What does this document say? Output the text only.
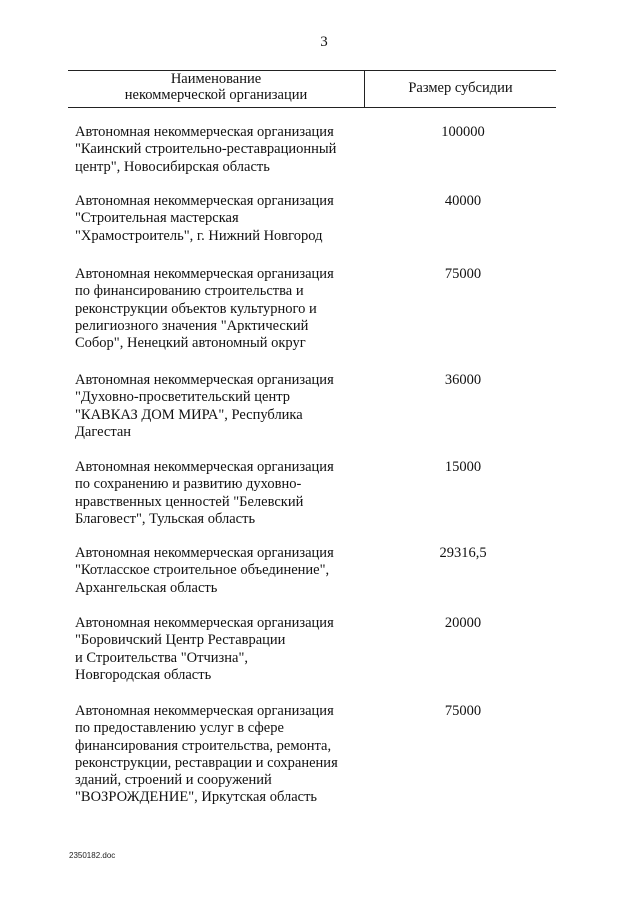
3
Наименование
некоммерческой организации	Размер субсидии
Автономная некоммерческая организация
"Каинский строительно-реставрационный
центр", Новосибирская область
100000
Автономная некоммерческая организация
"Строительная мастерская
"Храмостроитель", г. Нижний Новгород
40000
Автономная некоммерческая организация
по финансированию строительства и
реконструкции объектов культурного и
религиозного значения "Арктический
Собор", Ненецкий автономный округ
75000
Автономная некоммерческая организация
"Духовно-просветительский центр
"КАВКАЗ ДОМ МИРА", Республика
Дагестан
36000
Автономная некоммерческая организация
по сохранению и развитию духовно-
нравственных ценностей "Белевский
Благовест", Тульская область
15000
Автономная некоммерческая организация
"Котласское строительное объединение",
Архангельская область
29316,5
Автономная некоммерческая организация
"Боровичский Центр Реставрации
и Строительства "Отчизна",
Новгородская область
20000
Автономная некоммерческая организация
по предоставлению услуг в сфере
финансирования строительства, ремонта,
реконструкции, реставрации и сохранения
зданий, строений и сооружений
"ВОЗРОЖДЕНИЕ", Иркутская область
75000
2350182.doc
